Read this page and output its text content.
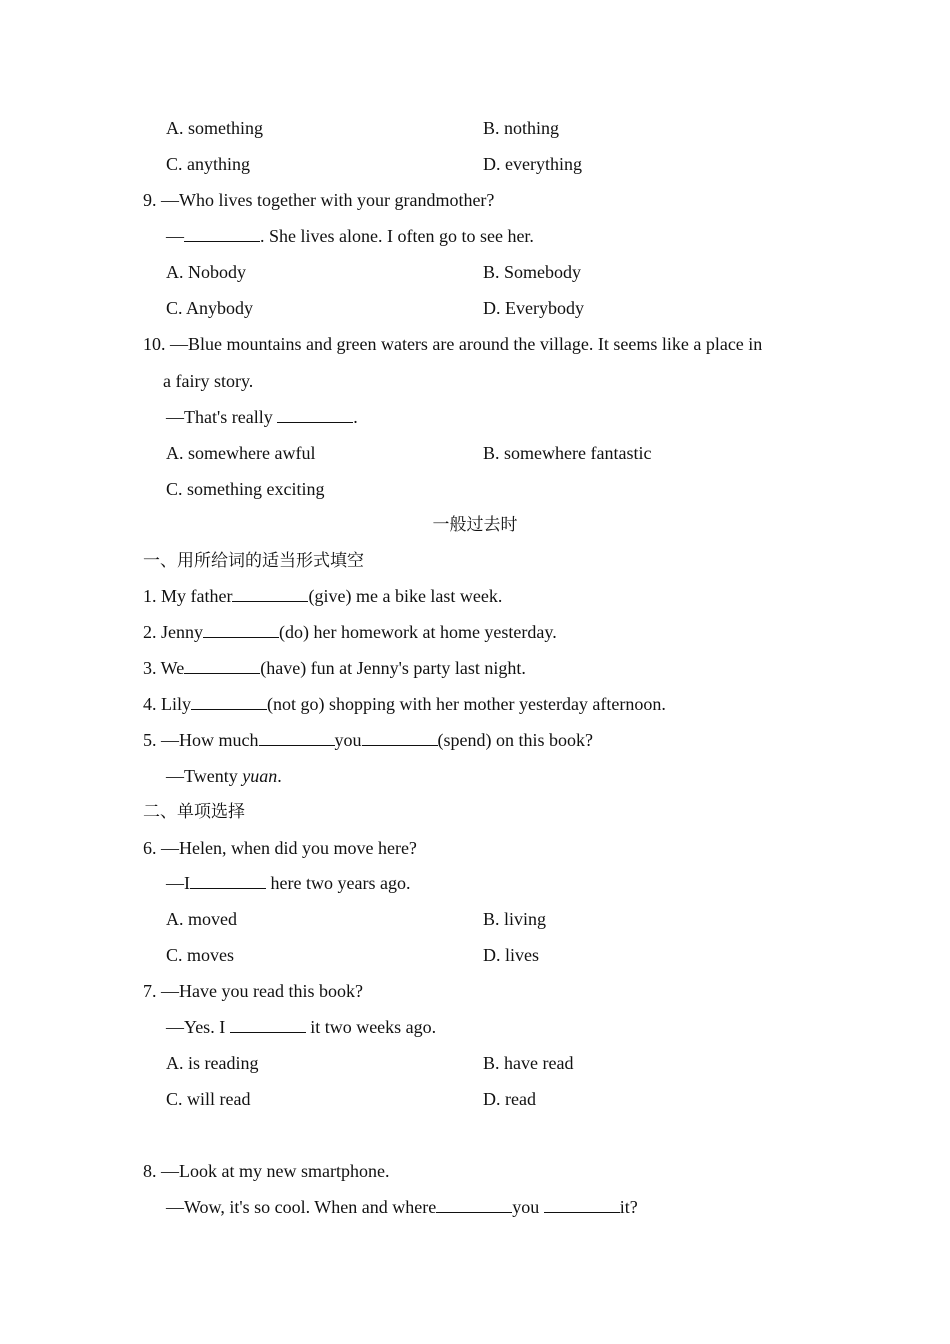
A. something	B. nothing
C. anything	D. everything
9. —Who lives together with your grandmother?
—	. She lives alone. I often go to see her.
A. Nobody	B. Somebody
C. Anybody	D. Everybody
10. —Blue mountains and green waters are around the village. It seems like a place in
a fairy story.
—That's really	.
A. somewhere awful	B. somewhere fantastic
C. something exciting
一般过去时
一、用所给词的适当形式填空
1. My father	(give) me a bike last week.
2. Jenny	(do) her homework at home yesterday.
3. We	(have) fun at Jenny's party last night.
4. Lily	(not go) shopping with her mother yesterday afternoon.
5. —How much	you	(spend) on this book?
—Twenty yuan.
二、单项选择
6. —Helen, when did you move here?
—I	here two years ago.
A. moved	B. living
C. moves	D. lives
7. —Have you read this book?
—Yes. I	it two weeks ago.
A. is reading	B. have read
C. will read	D. read
8. —Look at my new smartphone.
—Wow, it's so cool. When and where	you	it?
